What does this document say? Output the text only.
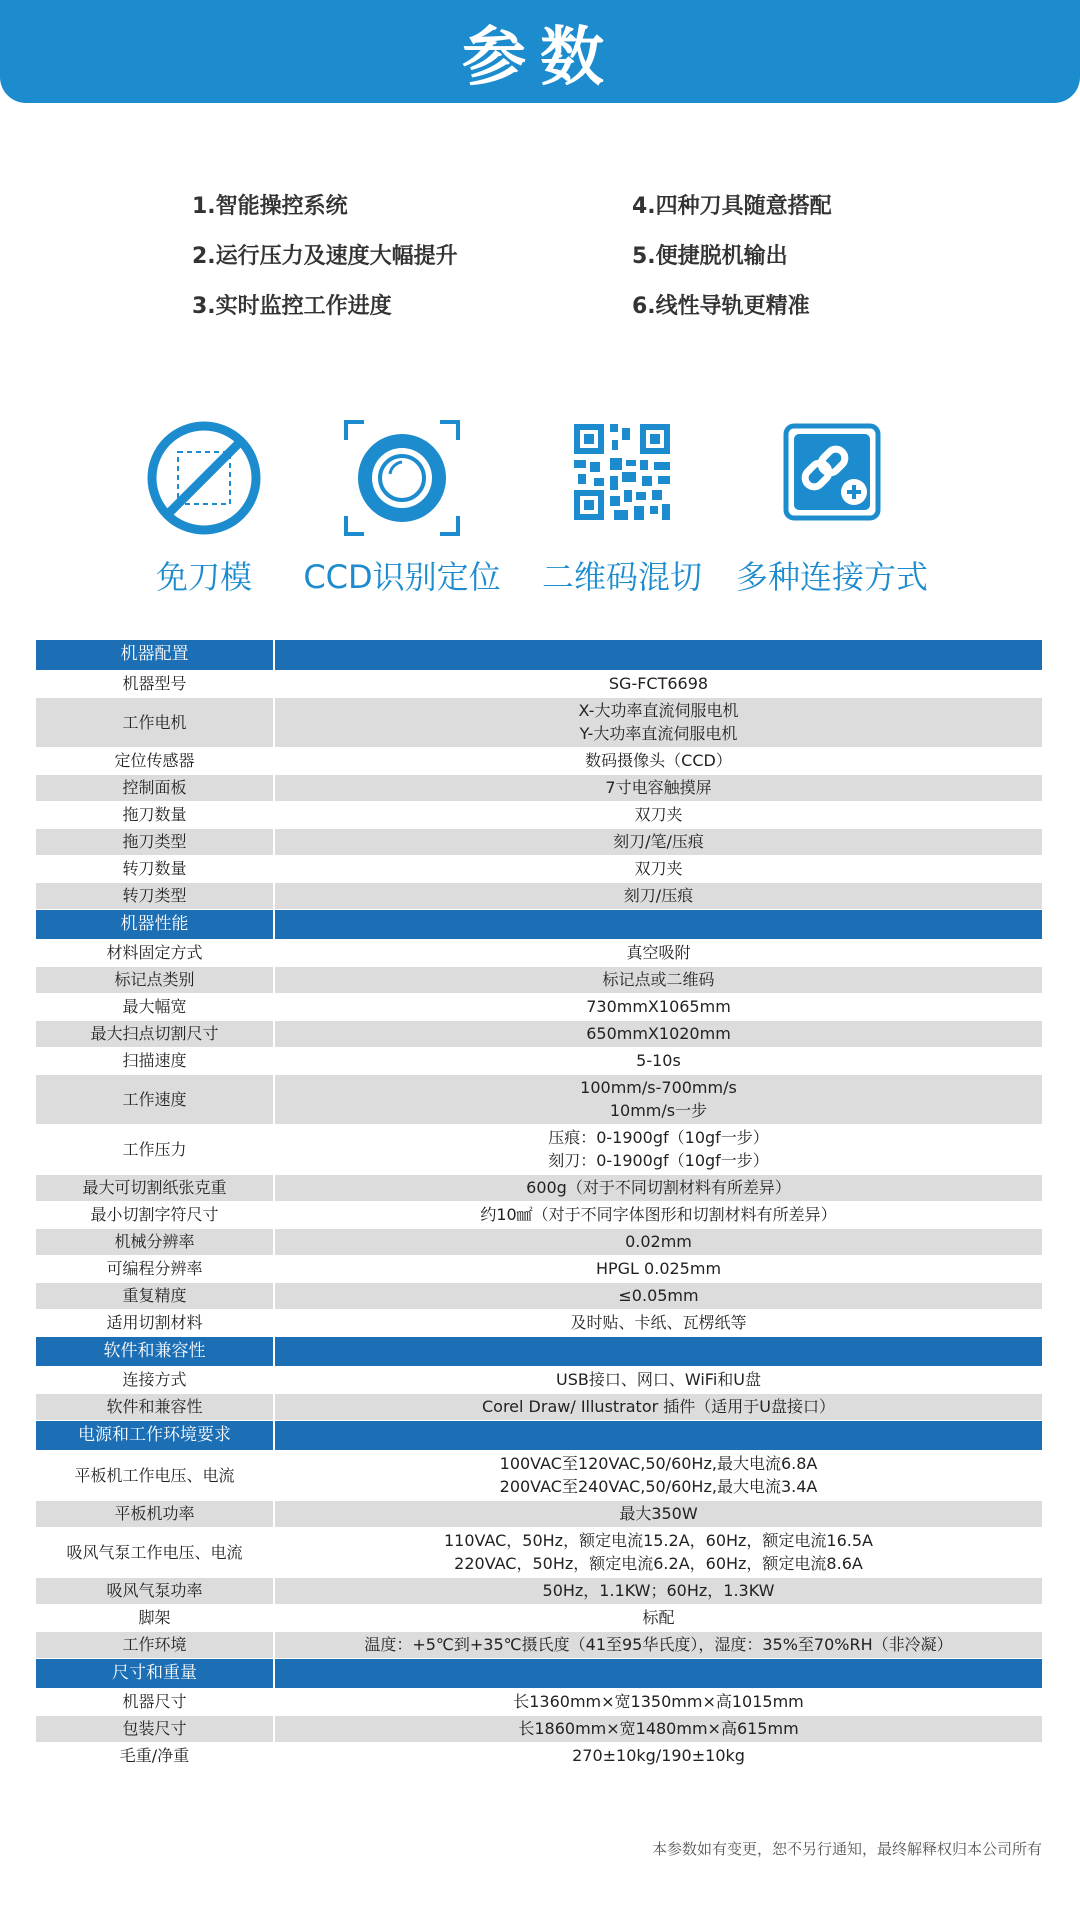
参数
1.智能操控系统	4.四种刀具随意搭配
2.运行压力及速度大幅提升	5.便捷脱机输出
3.实时监控工作进度	6.线性导轨更精准
免刀模	CCD识别定位	二维码混切	多种连接方式
机器配置	
机器型号	SG-FCT6698

工作电机	X-大功率直流伺服电机
Y-大功率直流伺服电机

定位传感器	数码摄像头（CCD）

控制面板	7寸电容触摸屏

拖刀数量	双刀夹

拖刀类型	刻刀/笔/压痕

转刀数量	双刀夹

转刀类型	刻刀/压痕

机器性能	
材料固定方式	真空吸附

标记点类别	标记点或二维码

最大幅宽	730mmX1065mm

最大扫点切割尺寸	650mmX1020mm

扫描速度	5-10s

工作速度	100mm/s-700mm/s
10mm/s一步

工作压力	压痕：0-1900gf（10gf一步）
刻刀：0-1900gf（10gf一步）

最大可切割纸张克重	600g（对于不同切割材料有所差异）

最小切割字符尺寸	约10㎟（对于不同字体图形和切割材料有所差异）

机械分辨率	0.02mm

可编程分辨率	HPGL 0.025mm

重复精度	≤0.05mm

适用切割材料	及时贴、卡纸、瓦楞纸等

软件和兼容性	
连接方式	USB接口、网口、WiFi和U盘

软件和兼容性	Corel Draw/ Illustrator 插件（适用于U盘接口）

电源和工作环境要求	
平板机工作电压、电流	100VAC至120VAC,50/60Hz,最大电流6.8A
200VAC至240VAC,50/60Hz,最大电流3.4A

平板机功率	最大350W

吸风气泵工作电压、电流	110VAC，50Hz，额定电流15.2A，60Hz，额定电流16.5A
220VAC，50Hz，额定电流6.2A，60Hz，额定电流8.6A

吸风气泵功率	50Hz，1.1KW；60Hz，1.3KW

脚架	标配

工作环境	温度：+5℃到+35℃摄氏度（41至95华氏度），湿度：35%至70%RH（非冷凝）

尺寸和重量	
机器尺寸	长1360mm×宽1350mm×高1015mm

包装尺寸	长1860mm×宽1480mm×高615mm

毛重/净重	270±10kg/190±10kg
本参数如有变更，恕不另行通知，最终解释权归本公司所有
